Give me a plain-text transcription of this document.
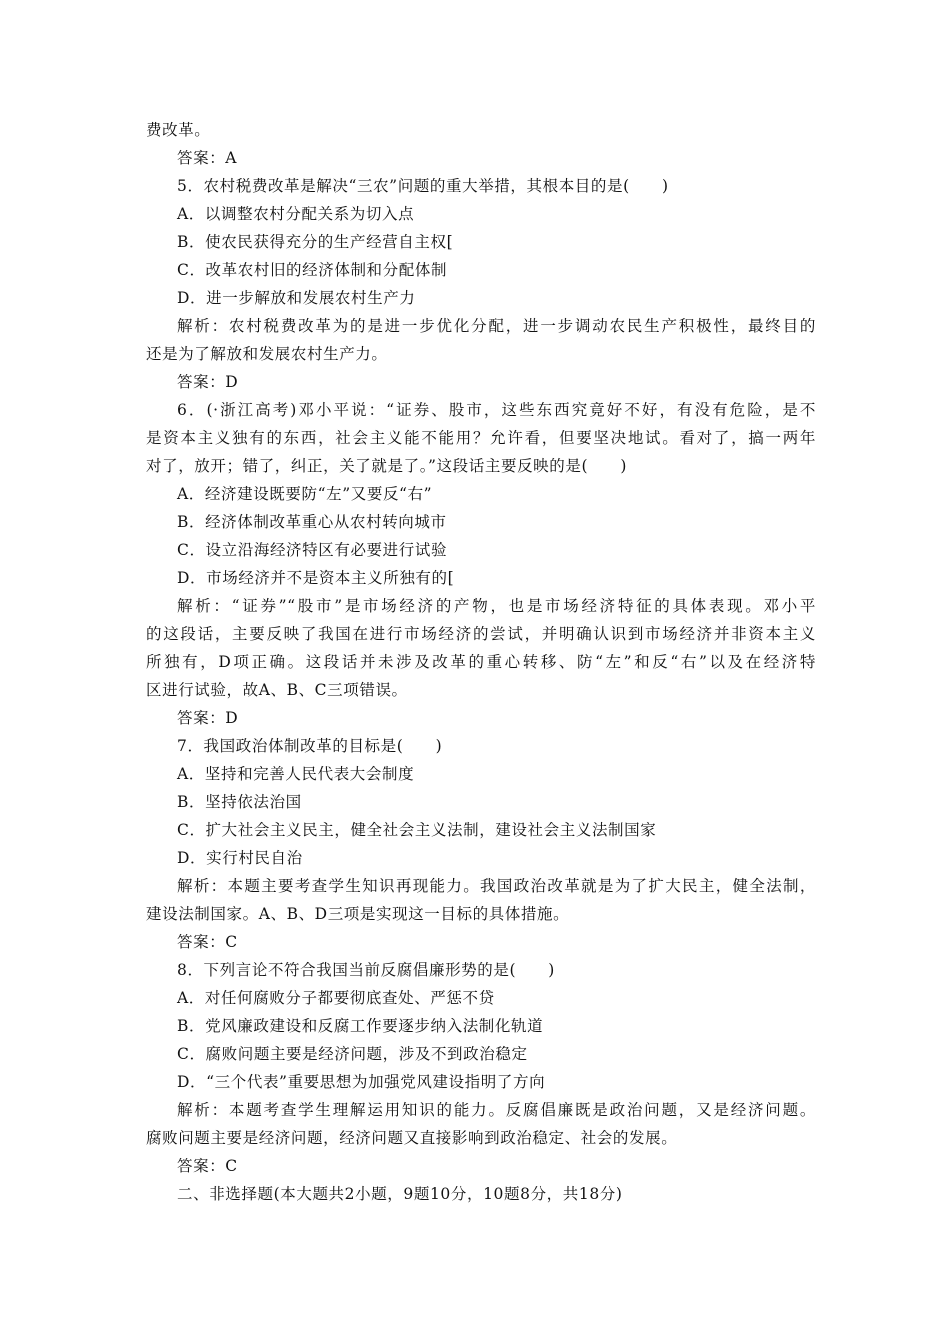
费改革。
答案：A
5．农村税费改革是解决“三农”问题的重大举措，其根本目的是(　　)
A．以调整农村分配关系为切入点
B．使农民获得充分的生产经营自主权[
C．改革农村旧的经济体制和分配体制
D．进一步解放和发展农村生产力
解析：农村税费改革为的是进一步优化分配，进一步调动农民生产积极性，最终目的
还是为了解放和发展农村生产力。
答案：D
6．(·浙江高考)邓小平说：“证券、股市，这些东西究竟好不好，有没有危险，是不
是资本主义独有的东西，社会主义能不能用？允许看，但要坚决地试。看对了，搞一两年
对了，放开；错了，纠正，关了就是了。”这段话主要反映的是(　　)
A．经济建设既要防“左”又要反“右”
B．经济体制改革重心从农村转向城市
C．设立沿海经济特区有必要进行试验
D．市场经济并不是资本主义所独有的[
解析：“证券”“股市”是市场经济的产物，也是市场经济特征的具体表现。邓小平
的这段话，主要反映了我国在进行市场经济的尝试，并明确认识到市场经济并非资本主义
所独有，D项正确。这段话并未涉及改革的重心转移、防“左”和反“右”以及在经济特
区进行试验，故A、B、C三项错误。
答案：D
7．我国政治体制改革的目标是(　　)
A．坚持和完善人民代表大会制度
B．坚持依法治国
C．扩大社会主义民主，健全社会主义法制，建设社会主义法制国家
D．实行村民自治
解析：本题主要考查学生知识再现能力。我国政治改革就是为了扩大民主，健全法制，
建设法制国家。A、B、D三项是实现这一目标的具体措施。
答案：C
8．下列言论不符合我国当前反腐倡廉形势的是(　　)
A．对任何腐败分子都要彻底查处、严惩不贷
B．党风廉政建设和反腐工作要逐步纳入法制化轨道
C．腐败问题主要是经济问题，涉及不到政治稳定
D．“三个代表”重要思想为加强党风建设指明了方向
解析：本题考查学生理解运用知识的能力。反腐倡廉既是政治问题，又是经济问题。
腐败问题主要是经济问题，经济问题又直接影响到政治稳定、社会的发展。
答案：C
二、非选择题(本大题共2小题，9题10分，10题8分，共18分)
